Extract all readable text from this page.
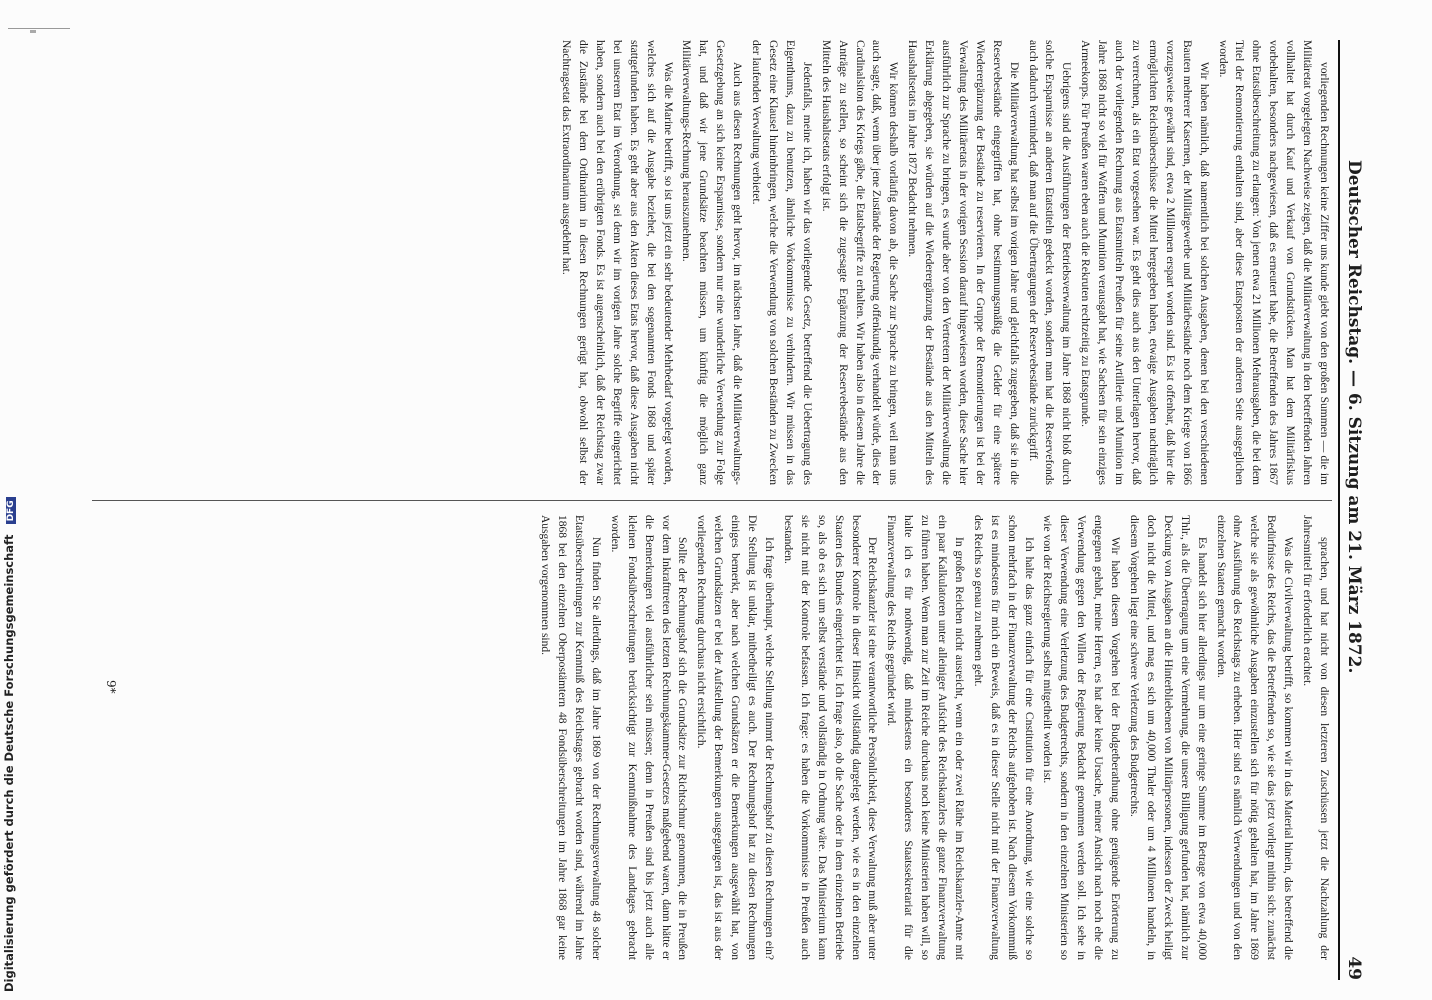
Deutscher Reichstag. — 6. Sitzung am 21. März 1872.
49

vorliegenden Rechnungen keine Ziffer uns kunde giebt von den großen Summen — die im Militäretat vorgelegten Nachweise zeigen, daß die Militärverwaltung in den betreffenden Jahren vollhaltet hat durch Kauf und Verkauf von Grundstücken. Man hat dem Militärfiskus vorbehalten, besonders nachgewiesen, daß es erneutert habe, die Betreffenden des Jahres 1867 ohne Etatsüberschreitung zu erlangen: Von jenen etwa 21 Millionen Mehrausgaben, die bei dem Titel der Remontierung enthalten sind, aber diese Etatsposten der anderen Seite ausgeglichen worden.

Wir haben nämlich, daß namentlich bei solchen Ausgaben, denen bei den verschiedenen Bauten mehrerer Kasernen, der Militärgewerbe und Militärbestände noch dem Kriege von 1866 vorzugsweise gewährt sind, etwa 2 Millionen erspart worden sind. Es ist offenbar, daß hier die ermöglichten Reichsüberschüsse die Mittel hergegeben haben, etwaige Ausgaben nachträglich zu verrechnen, als ein Etat vorgesehen war. Es geht dies auch aus den Unterlagen hervor, daß auch der vorliegenden Rechnung aus Etatsmitteln Preußen für seine Artillerie und Munition im Jahre 1868 nicht so viel für Waffen und Munition verausgabt hat, wie Sachsen für sein einziges Armeekorps. Für Preußen waren eben auch die Rekruten rechtzeitig zu Etatsgrunde.

Uebrigens sind die Ausführungen der Betriebsverwaltung im Jahre 1868 nicht bloß durch solche Ersparnisse an anderen Etatstiteln gedeckt worden, sondern man hat die Reservefonds auch dadurch vermindert, daß man auf die Übertragungen der Reservebestände zurückgriff.

Die Militärverwaltung hat selbst im vorigen Jahre und gleichfalls zugegeben, daß sie in die Reservebestände eingegriffen hat, ohne bestimmungsmäßig die Gelder für eine spätere Wiederergänzung der Bestände zu reservieren. In der Gruppe der Remontierungen ist bei der Verwaltung des Militäretats in der vorigen Session darauf hingewiesen worden, diese Sache hier ausführlich zur Sprache zu bringen, es wurde aber von den Vertretern der Militärverwaltung die Erklärung abgegeben, sie würden auf die Wiederergänzung der Bestände aus den Mitteln des Haushaltsetats im Jahre 1872 Bedacht nehmen.

Wir können deshalb vorläufig davon ab, die Sache zur Sprache zu bringen, weil man uns auch sagte, daß, wenn über jene Zustände der Regierung offenkundig verhandelt würde, dies der Cardinalsiton des Kriegs gäbe, die Etatsbegriffe zu erhalten. Wir haben also in diesem Jahre die Anträge zu stellen, so scheint sich die zugesagte Ergänzung der Reservebestände aus den Mitteln des Haushaltsetats erfolgt ist.

Jedenfalls, meine ich, haben wir das vorliegende Gesetz, betreffend die Uebertragung des Eigenthums, dazu zu benutzen, ähnliche Vorkommnisse zu verhindern. Wir müssen in das Gesetz eine Klausel hineinbringen, welche die Verwendung von solchen Beständen zu Zwecken der laufenden Verwaltung verbietet.

Auch aus diesen Rechnungen geht hervor, im nächsten Jahre, daß die Militärverwaltungs-Gesetzgebung an sich keine Ersparnisse, sondern nur eine wunderliche Verwendung zur Folge hat, und daß wir jene Grundsätze beachten müssen, um künftig die möglich ganz Militärverwaltungs-Rechnung herauszunehmen.

Was die Marine betrifft, so ist uns jetzt ein sehr bedeutender Mehrbedarf vorgelegt worden, welches sich auf die Ausgabe beziehet, die bei den sogenannten Fonds 1868 und später stattgefunden haben. Es geht aber aus den Akten dieses Etats hervor, daß diese Ausgaben nicht bei unserem Etat im Verordnung, sei denn wir im vorigen Jahre solche Begriffe eingerichtet haben, sondern auch bei den erübrigten Fonds. Es ist augenscheinlich, daß der Reichstag zwar die Zustände bei dem Ordinarium in diesen Rechnungen gerügt hat, obwohl selbst der Nachtragsetat das Extraordinarium ausgedehnt hat.

sprachen, und hat nicht von diesen letzteren Zuschüssen jetzt die Nachzahlung der Jahresmittel für erforderlich erachtet.

Was die Civilverwaltung betrifft, so kommen wir in das Material hinein, das betreffend die Bedürfnisse des Reichs, das die Betreffenden so, wie sie das jetzt vorliegt mithin sich: zunächst welche sie als gewöhnliche Ausgaben einzustellen sich für nötig gehalten hat, im Jahre 1869 ohne Ausführung des Reichstags zu erheben. Hier sind es nämlich Verwendungen und von den einzelnen Staaten gemacht worden.

Es handelt sich hier allerdings nur um eine geringe Summe im Betrage von etwa 40,000 Thlr., als die Übertragung um eine Vermehrung, die unsere Billigung gefunden hat, nämlich zur Deckung von Ausgaben an die Hinterbliebenen von Militärpersonen, indessen der Zweck heiligt doch nicht die Mittel, und mag es sich um 40,000 Thaler oder um 4 Millionen handeln, in diesem Vorgehen liegt eine schwere Verletzung des Budgetrechts.

Wir haben diesem Vorgehen bei der Budgetberathung ohne genügende Erörterung zu entgegnen gehabt, meine Herren, es hat aber keine Ursache, meiner Ansicht nach noch ehe die Verwendung gegen den Willen der Regierung Bedacht genommen werden soll. Ich sehe in dieser Verwendung eine Verletzung des Budgetrechts, sondern in den einzelnen Ministerien so wie von der Reichsregierung selbst mitgetheilt worden ist.

Ich halte das ganz einfach für eine Cnstitution für eine Anordnung, wie eine solche so schon mehrfach in der Finanzverwaltung der Reichs aufgehoben ist. Nach diesem Vorkommniß ist es mindestens für mich ein Beweis, daß es in dieser Stelle nicht mit der Finanzverwaltung des Reichs so genau zu nehmen geht.

In großen Reichen nicht ausreicht, wenn ein oder zwei Räthe im Reichskanzler-Amte mit ein paar Kalkulatoren unter alleiniger Aufsicht des Reichskanzlers die ganze Finanzverwaltung zu führen haben. Wenn man zur Zeit im Reiche durchaus noch keine Ministerien haben will, so halte ich es für nothwendig, daß mindestens ein besonderes Staatssekretariat für die Finanzverwaltung des Reichs gegründet wird.

Der Reichskanzler ist eine verantwortliche Persönlichkeit, diese Verwaltung muß aber unter besonderer Kontrole in dieser Hinsicht vollständig dargelegt werden, wie es in den einzelnen Staaten des Bundes eingerichtet ist. Ich frage also, ob die Sache oder in dem einzelnen Betriebe so, als ob es sich um selbst verstände und vollständig in Ordnung wäre. Das Ministerium kann sie nicht mit der Kontrole befassen. Ich frage: es haben die Vorkommnisse in Preußen auch bestanden.

Ich frage überhaupt, welche Stellung nimmt der Rechnungshof zu diesen Rechnungen ein? Die Stellung ist unklar, mitbetheiligt es auch. Der Rechnungshof hat zu diesen Rechnungen einiges bemerkt, aber nach welchen Grundsätzen er die Bemerkungen ausgewählt hat, von welchen Grundsätzen er bei der Aufstellung der Bemerkungen ausgegangen ist, das ist aus der vorliegenden Rechnung durchaus nicht ersichtlich.

Sollte der Rechnungshof sich die Grundsätze zur Richtschnur genommen, die in Preußen vor dem Inkrafttreten des letzten Rechnungskammer-Gesetzes maßgebend waren, dann hätte er die Bemerkungen viel ausführlicher sein müssen; denn in Preußen sind bis jetzt auch alle kleinen Fondsüberschreitungen berücksichtigt zur Kenntnißnahme des Landtages gebracht worden.

Nun finden Sie allerdings, daß im Jahre 1869 von der Rechnungsverwaltung 48 solcher Etatsüberschreitungen zur Kenntniß des Reichstages gebracht worden sind, während im Jahre 1868 bei den einzelnen Oberpostämtern 48 Fondsüberschreitungen im Jahre 1868 gar keine Ausgaben vorgenommen sind.

9*
Digitalisierung gefördert durch die Deutsche Forschungsgemeinschaft DFG
